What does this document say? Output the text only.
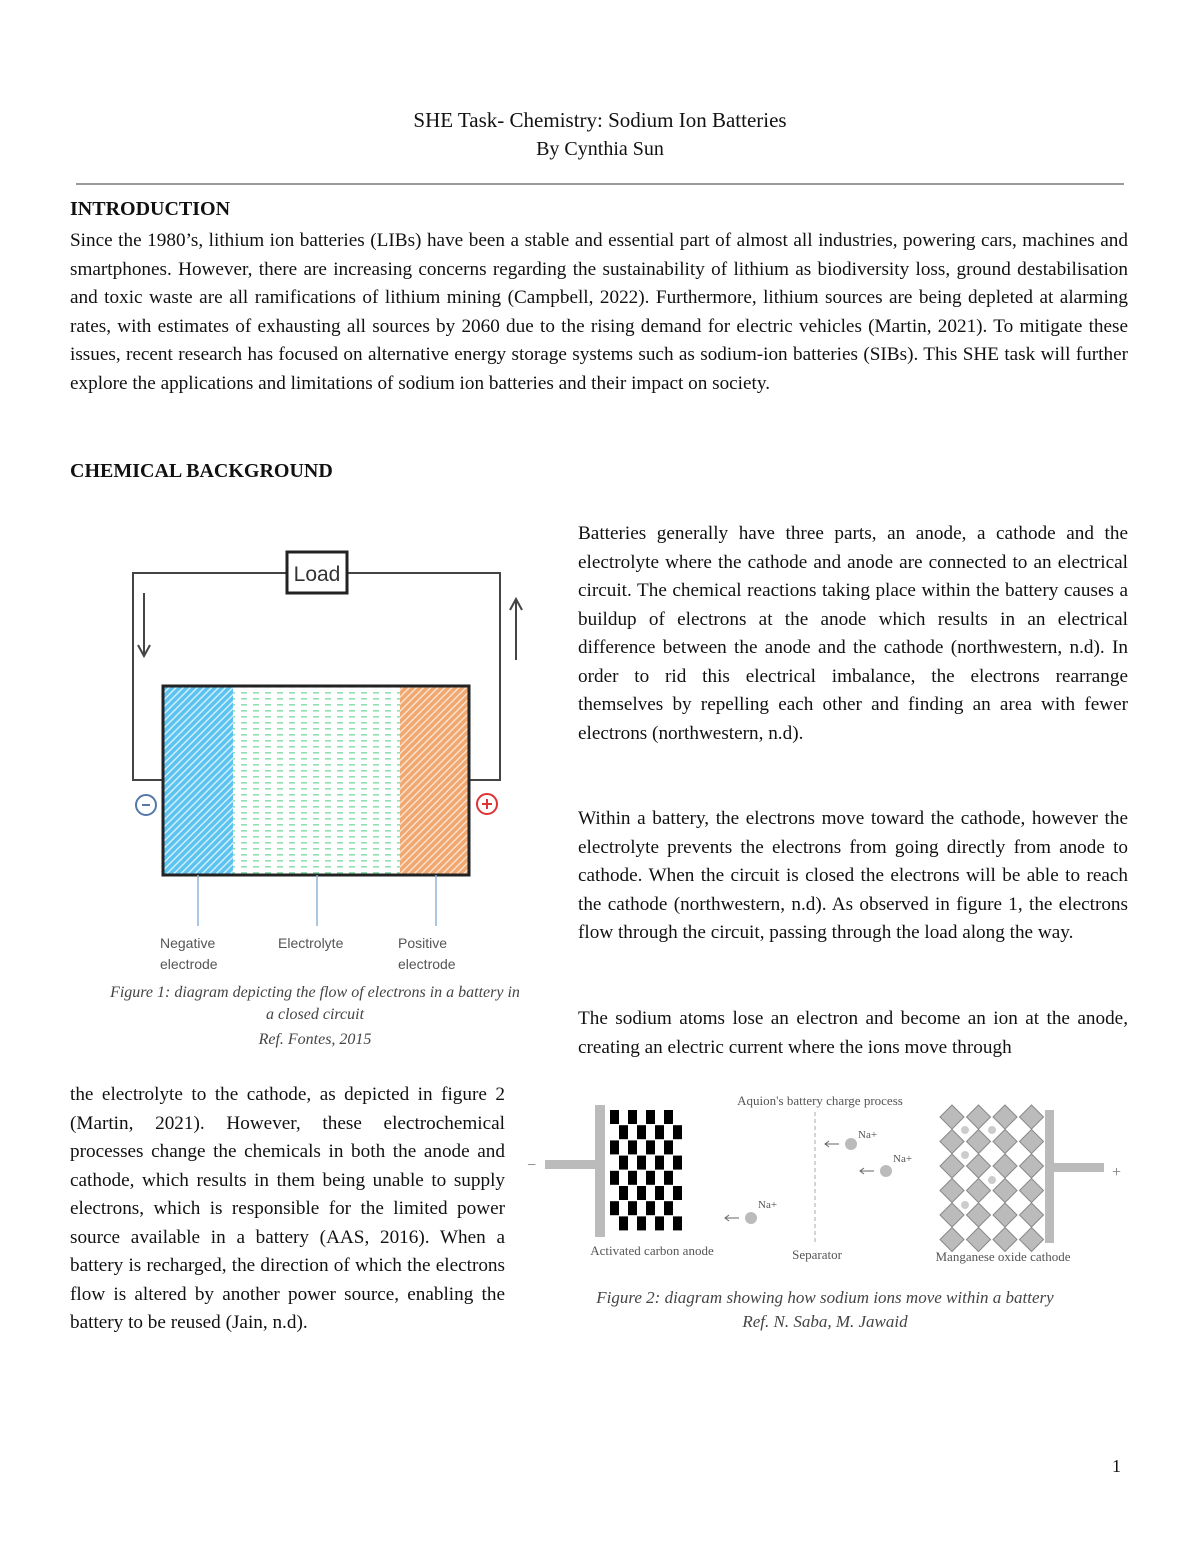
SHE Task- Chemistry: Sodium Ion Batteries
By Cynthia Sun
INTRODUCTION
Since the 1980’s, lithium ion batteries (LIBs) have been a stable and essential part of almost all industries, powering cars, machines and smartphones. However, there are increasing concerns regarding the sustainability of lithium as biodiversity loss, ground destabilisation and toxic waste are all ramifications of lithium mining (Campbell, 2022). Furthermore, lithium sources are being depleted at alarming rates, with estimates of exhausting all sources by 2060 due to the rising demand for electric vehicles (Martin, 2021). To mitigate these issues, recent research has focused on alternative energy storage systems such as sodium-ion batteries (SIBs). This SHE task will further explore the applications and limitations of sodium ion batteries and their impact on society.
CHEMICAL BACKGROUND
Batteries generally have three parts, an anode, a cathode and the electrolyte where the cathode and anode are connected to an electrical circuit. The chemical reactions taking place within the battery causes a buildup of electrons at the anode which results in an electrical difference between the anode and the cathode (northwestern, n.d). In order to rid this electrical imbalance, the electrons rearrange themselves by repelling each other and finding an area with fewer electrons (northwestern, n.d).
Within a battery, the electrons move toward the cathode, however the electrolyte prevents the electrons from going directly from anode to cathode. When the circuit is closed the electrons will be able to reach the cathode (northwestern, n.d). As observed in figure 1, the electrons flow through the circuit, passing through the load along the way.
The sodium atoms lose an electron and become an ion at the anode, creating an electric current where the ions move through
the electrolyte to the cathode, as depicted in figure 2 (Martin, 2021). However, these electrochemical processes change the chemicals in both the anode and cathode, which results in them being unable to supply electrons, which is responsible for the limited power source available in a battery (AAS, 2016). When a battery is recharged, the direction of which the electrons flow is altered by another power source, enabling the battery to be reused (Jain, n.d).
Load
Negative
electrode
Electrolyte	Positive
electrode
Figure 1: diagram depicting the flow of electrons in a battery in
a closed circuit
Ref. Fontes, 2015
Aquion's battery charge process
−	+
Na+
Na+
Na+
Activated carbon anode	Separator	Manganese oxide cathode
Figure 2: diagram showing how sodium ions move within a battery
Ref. N. Saba, M. Jawaid
1
